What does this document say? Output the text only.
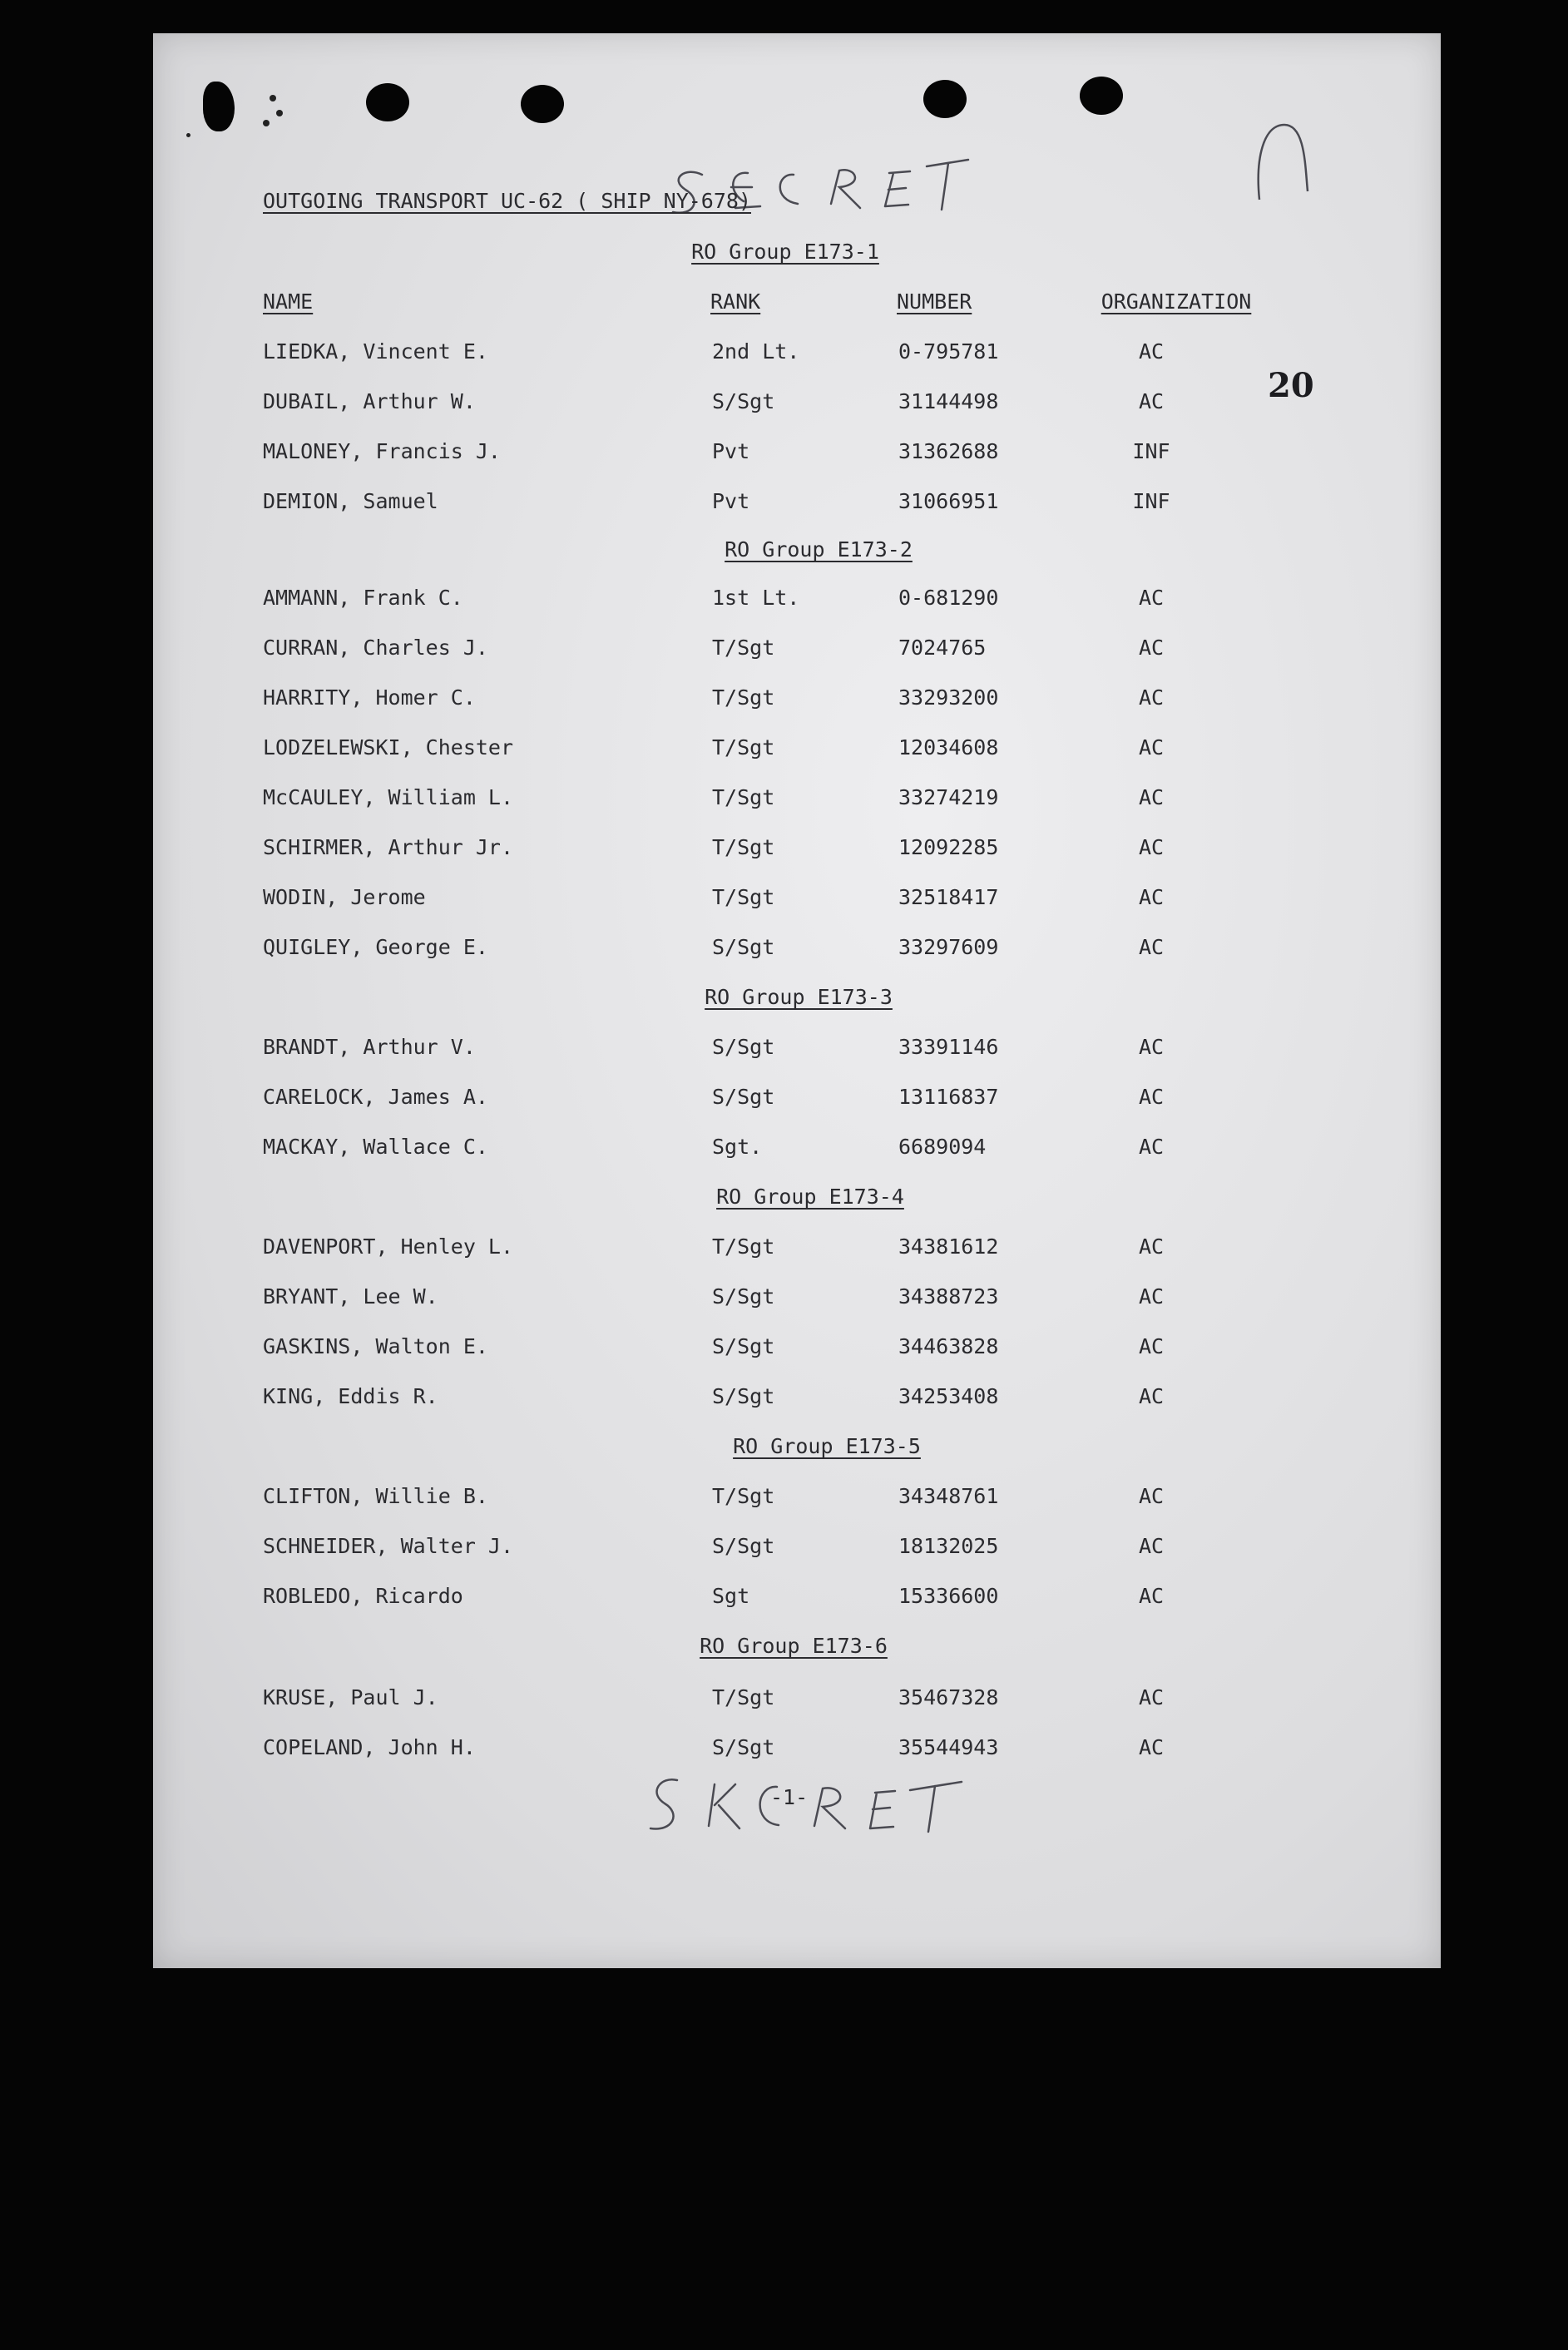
20
OUTGOING TRANSPORT UC-62 ( SHIP NY-678)
RO Group E173-1
NAME	RANK	NUMBER	ORGANIZATION
LIEDKA, Vincent E.	2nd Lt.	0-795781	AC
DUBAIL, Arthur W.	S/Sgt	31144498	AC
MALONEY, Francis J.	Pvt	31362688	INF
DEMION, Samuel	Pvt	31066951	INF
RO Group E173-2
AMMANN, Frank C.	1st Lt.	0-681290	AC
CURRAN, Charles J.	T/Sgt	7024765	AC
HARRITY, Homer C.	T/Sgt	33293200	AC
LODZELEWSKI, Chester	T/Sgt	12034608	AC
McCAULEY, William L.	T/Sgt	33274219	AC
SCHIRMER, Arthur Jr.	T/Sgt	12092285	AC
WODIN, Jerome	T/Sgt	32518417	AC
QUIGLEY, George E.	S/Sgt	33297609	AC
RO Group E173-3
BRANDT, Arthur V.	S/Sgt	33391146	AC
CARELOCK, James A.	S/Sgt	13116837	AC
MACKAY, Wallace C.	Sgt.	6689094	AC
RO Group E173-4
DAVENPORT, Henley L.	T/Sgt	34381612	AC
BRYANT, Lee W.	S/Sgt	34388723	AC
GASKINS, Walton E.	S/Sgt	34463828	AC
KING, Eddis R.	S/Sgt	34253408	AC
RO Group E173-5
CLIFTON, Willie B.	T/Sgt	34348761	AC
SCHNEIDER, Walter J.	S/Sgt	18132025	AC
ROBLEDO, Ricardo	Sgt	15336600	AC
RO Group E173-6
KRUSE, Paul J.	T/Sgt	35467328	AC
COPELAND, John H.	S/Sgt	35544943	AC
-1-
